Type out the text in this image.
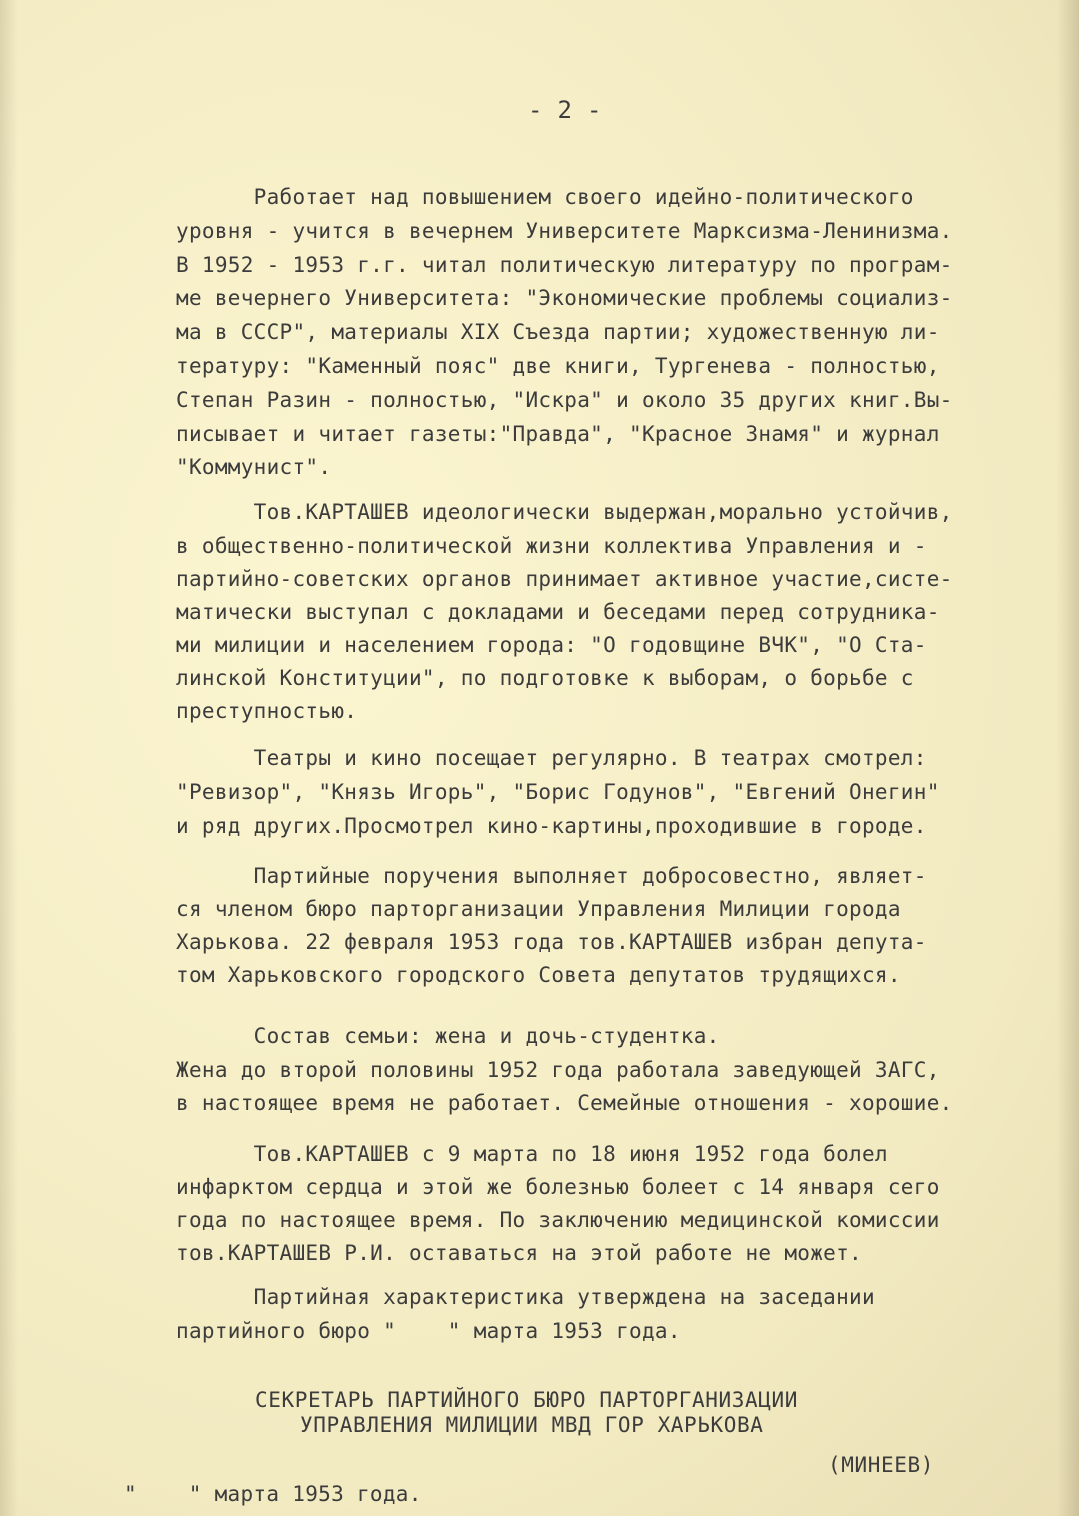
- 2 -

Работает над повышением своего идейно-политического

уровня - учится в вечернем Университете Марксизма-Ленинизма.

В 1952 - 1953 г.г. читал политическую литературу по програм-

ме вечернего Университета: "Экономические проблемы социализ-

ма в СССР", материалы XIX Съезда партии; художественную ли-

тературу: "Каменный пояс" две книги, Тургенева - полностью,

Степан Разин - полностью, "Искра" и около 35 других книг.Вы-

писывает и читает газеты:"Правда", "Красное Знамя" и журнал

"Коммунист".

Тов.КАРТАШЕВ идеологически выдержан,морально устойчив,

в общественно-политической жизни коллектива Управления и -

партийно-советских органов принимает активное участие,систе-

матически выступал с докладами и беседами перед сотрудника-

ми милиции и населением города: "О годовщине ВЧК", "О Ста-

линской Конституции", по подготовке к выборам, о борьбе с

преступностью.

Театры и кино посещает регулярно. В театрах смотрел:

"Ревизор", "Князь Игорь", "Борис Годунов", "Евгений Онегин"

и ряд других.Просмотрел кино-картины,проходившие в городе.

Партийные поручения выполняет добросовестно, являет-

ся членом бюро парторганизации Управления Милиции города

Харькова. 22 февраля 1953 года тов.КАРТАШЕВ избран депута-

том Харьковского городского Совета депутатов трудящихся.

Состав семьи: жена и дочь-студентка.

Жена до второй половины 1952 года работала заведующей ЗАГС,

в настоящее время не работает. Семейные отношения - хорошие.

Тов.КАРТАШЕВ с 9 марта по 18 июня 1952 года болел

инфарктом сердца и этой же болезнью болеет с 14 января сего

года по настоящее время. По заключению медицинской комиссии

тов.КАРТАШЕВ Р.И. оставаться на этой работе не может.

Партийная характеристика утверждена на заседании

партийного бюро "    " марта 1953 года.

СЕКРЕТАРЬ ПАРТИЙНОГО БЮРО ПАРТОРГАНИЗАЦИИ
УПРАВЛЕНИЯ МИЛИЦИИ МВД ГОР ХАРЬКОВА
(МИНЕЕВ)
"    " марта 1953 года.
